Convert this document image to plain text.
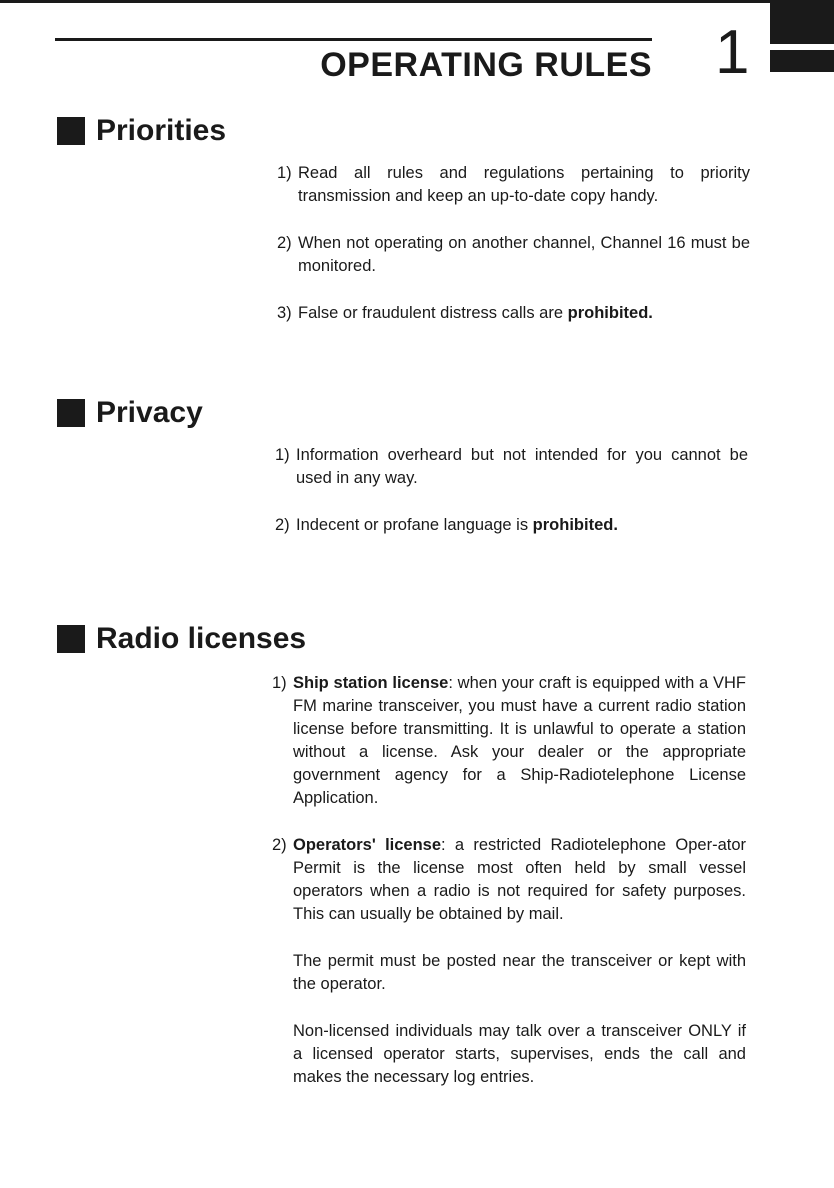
OPERATING RULES 1
Priorities
1) Read all rules and regulations pertaining to priority transmission and keep an up-to-date copy handy.
2) When not operating on another channel, Channel 16 must be monitored.
3) False or fraudulent distress calls are prohibited.
Privacy
1) Information overheard but not intended for you cannot be used in any way.
2) Indecent or profane language is prohibited.
Radio licenses
1) Ship station license: when your craft is equipped with a VHF FM marine transceiver, you must have a current radio station license before transmitting. It is unlawful to operate a station without a license. Ask your dealer or the appropriate government agency for a Ship-Radiotelephone License Application.
2) Operators' license: a restricted Radiotelephone Oper-ator Permit is the license most often held by small vessel operators when a radio is not required for safety purposes. This can usually be obtained by mail.
The permit must be posted near the transceiver or kept with the operator.
Non-licensed individuals may talk over a transceiver ONLY if a licensed operator starts, supervises, ends the call and makes the necessary log entries.
